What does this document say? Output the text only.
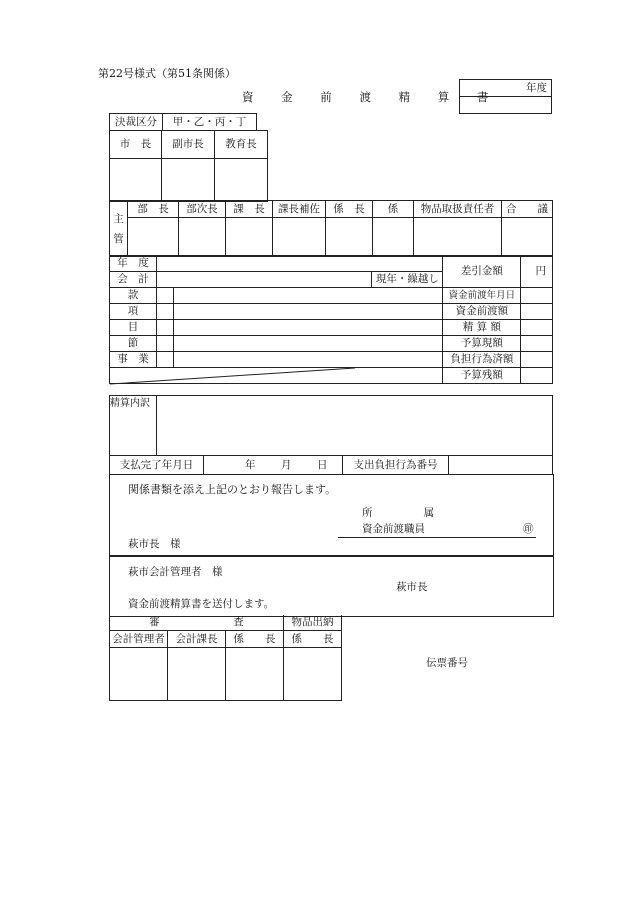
第22号様式（第51条関係）
資 金 前 渡 精 算 書
年度

決裁区分	甲・乙・丙・丁
市　長	副市長	教育長

主　管	部　長	部次長	課　長	課長補佐	係　長	係	物品取扱責任者	合　　議

年　度				差引金額	円
会　計			現年・繰越し		
款				資金前渡年月日	
項				資金前渡額	
目				精 算 額	
節				予算現額	
事　業				負担行為済額	

	予算残額	
精算内訳	
支払完了年月日	年 月 日	支出負担行為番号	
関係書類を添え上記のとおり報告します。
所　　属
資金前渡職員	㊞
萩市長　様
萩市会計管理者　様
萩市長
資金前渡精算書を送付します。
審　　　　　　　査			物品出納
会計管理者	会計課長	係　　長	係　　長

伝票番号
